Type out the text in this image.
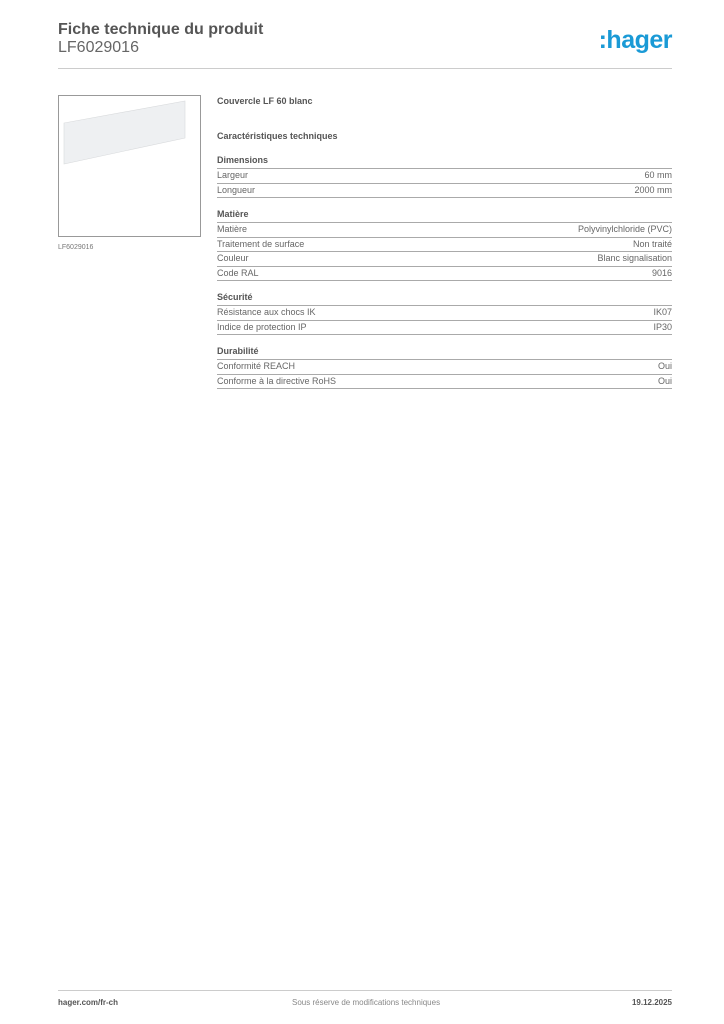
Fiche technique du produit
LF6029016	:hager
LF6029016
Couvercle LF 60 blanc
Caractéristiques techniques
Dimensions
Largeur	60 mm
Longueur	2000 mm
Matière
Matière	Polyvinylchloride (PVC)
Traitement de surface	Non traité
Couleur	Blanc signalisation
Code RAL	9016
Sécurité
Résistance aux chocs IK	IK07
Indice de protection IP	IP30
Durabilité
Conformité REACH	Oui
Conforme à la directive RoHS	Oui
hager.com/fr-ch	Sous réserve de modifications techniques	19.12.2025
